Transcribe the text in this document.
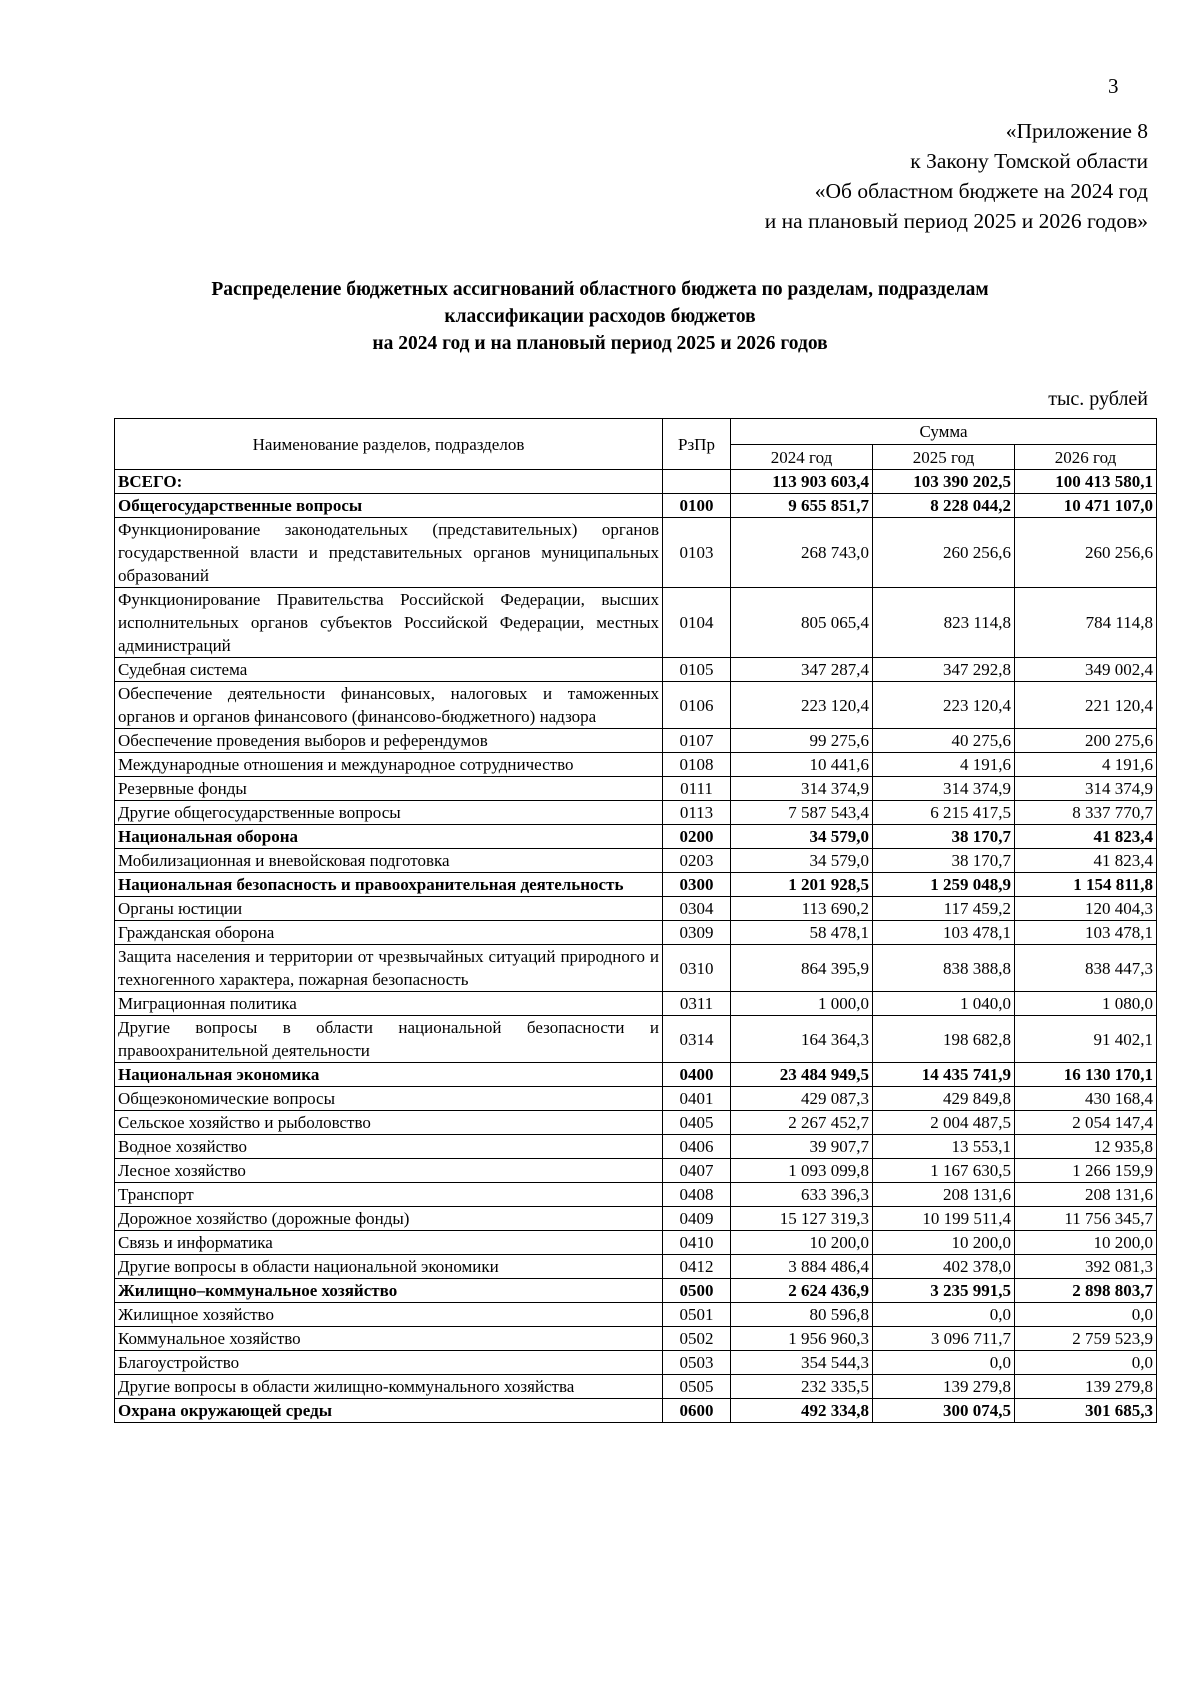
3
«Приложение 8
к Закону Томской области
«Об областном бюджете на 2024 год
и на плановый период 2025 и 2026 годов»
Распределение бюджетных ассигнований областного бюджета по разделам, подразделам
классификации расходов бюджетов
на 2024 год и на плановый период 2025 и 2026 годов
тыс. рублей
Наименование разделов, подразделов	РзПр	Сумма		
		2024 год	2025 год	2026 год
ВСЕГО:		113 903 603,4	103 390 202,5	100 413 580,1
Общегосударственные вопросы	0100	9 655 851,7	8 228 044,2	10 471 107,0
Функционирование законодательных (представительных) органов государственной власти и представительных органов муниципальных образований	0103	268 743,0	260 256,6	260 256,6
Функционирование Правительства Российской Федерации, высших исполнительных органов субъектов Российской Федерации, местных администраций	0104	805 065,4	823 114,8	784 114,8
Судебная система	0105	347 287,4	347 292,8	349 002,4
Обеспечение деятельности финансовых, налоговых и таможенных органов и органов финансового (финансово-бюджетного) надзора	0106	223 120,4	223 120,4	221 120,4
Обеспечение проведения выборов и референдумов	0107	99 275,6	40 275,6	200 275,6
Международные отношения и международное сотрудничество	0108	10 441,6	4 191,6	4 191,6
Резервные фонды	0111	314 374,9	314 374,9	314 374,9
Другие общегосударственные вопросы	0113	7 587 543,4	6 215 417,5	8 337 770,7
Национальная оборона	0200	34 579,0	38 170,7	41 823,4
Мобилизационная и вневойсковая подготовка	0203	34 579,0	38 170,7	41 823,4
Национальная безопасность и правоохранительная деятельность	0300	1 201 928,5	1 259 048,9	1 154 811,8
Органы юстиции	0304	113 690,2	117 459,2	120 404,3
Гражданская оборона	0309	58 478,1	103 478,1	103 478,1
Защита населения и территории от чрезвычайных ситуаций природного и техногенного характера, пожарная безопасность	0310	864 395,9	838 388,8	838 447,3
Миграционная политика	0311	1 000,0	1 040,0	1 080,0
Другие вопросы в области национальной безопасности и правоохранительной деятельности	0314	164 364,3	198 682,8	91 402,1
Национальная экономика	0400	23 484 949,5	14 435 741,9	16 130 170,1
Общеэкономические вопросы	0401	429 087,3	429 849,8	430 168,4
Сельское хозяйство и рыболовство	0405	2 267 452,7	2 004 487,5	2 054 147,4
Водное хозяйство	0406	39 907,7	13 553,1	12 935,8
Лесное хозяйство	0407	1 093 099,8	1 167 630,5	1 266 159,9
Транспорт	0408	633 396,3	208 131,6	208 131,6
Дорожное хозяйство (дорожные фонды)	0409	15 127 319,3	10 199 511,4	11 756 345,7
Связь и информатика	0410	10 200,0	10 200,0	10 200,0
Другие вопросы в области национальной экономики	0412	3 884 486,4	402 378,0	392 081,3
Жилищно–коммунальное хозяйство	0500	2 624 436,9	3 235 991,5	2 898 803,7
Жилищное хозяйство	0501	80 596,8	0,0	0,0
Коммунальное хозяйство	0502	1 956 960,3	3 096 711,7	2 759 523,9
Благоустройство	0503	354 544,3	0,0	0,0
Другие вопросы в области жилищно-коммунального хозяйства	0505	232 335,5	139 279,8	139 279,8
Охрана окружающей среды	0600	492 334,8	300 074,5	301 685,3
